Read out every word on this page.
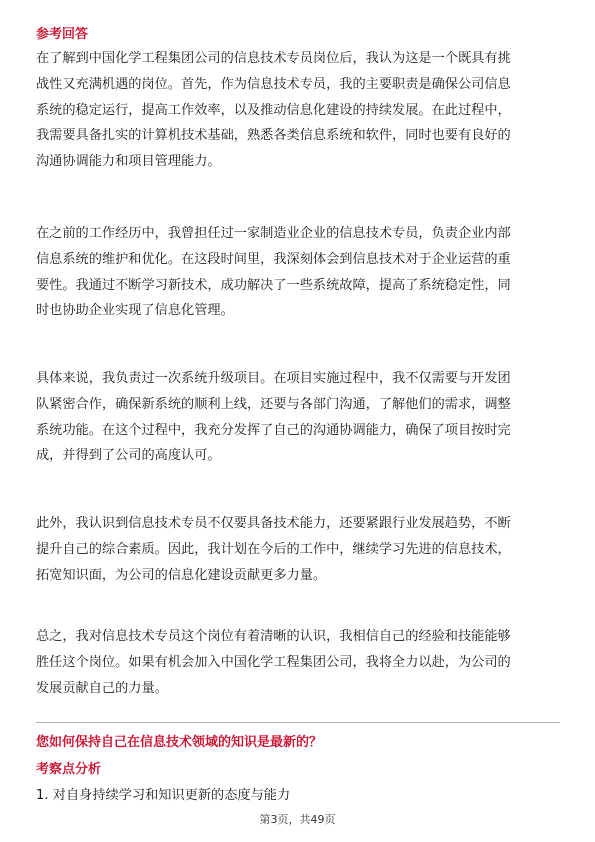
参考回答
在了解到中国化学工程集团公司的信息技术专员岗位后，我认为这是一个既具有挑
战性又充满机遇的岗位。首先，作为信息技术专员，我的主要职责是确保公司信息
系统的稳定运行，提高工作效率，以及推动信息化建设的持续发展。在此过程中，
我需要具备扎实的计算机技术基础，熟悉各类信息系统和软件，同时也要有良好的
沟通协调能力和项目管理能力。
在之前的工作经历中，我曾担任过一家制造业企业的信息技术专员，负责企业内部
信息系统的维护和优化。在这段时间里，我深刻体会到信息技术对于企业运营的重
要性。我通过不断学习新技术，成功解决了一些系统故障，提高了系统稳定性，同
时也协助企业实现了信息化管理。
具体来说，我负责过一次系统升级项目。在项目实施过程中，我不仅需要与开发团
队紧密合作，确保新系统的顺利上线，还要与各部门沟通，了解他们的需求，调整
系统功能。在这个过程中，我充分发挥了自己的沟通协调能力，确保了项目按时完
成，并得到了公司的高度认可。
此外，我认识到信息技术专员不仅要具备技术能力，还要紧跟行业发展趋势，不断
提升自己的综合素质。因此，我计划在今后的工作中，继续学习先进的信息技术，
拓宽知识面，为公司的信息化建设贡献更多力量。
总之，我对信息技术专员这个岗位有着清晰的认识，我相信自己的经验和技能能够
胜任这个岗位。如果有机会加入中国化学工程集团公司，我将全力以赴，为公司的
发展贡献自己的力量。
您如何保持自己在信息技术领域的知识是最新的？
考察点分析
1. 对自身持续学习和知识更新的态度与能力
第3页，共49页
